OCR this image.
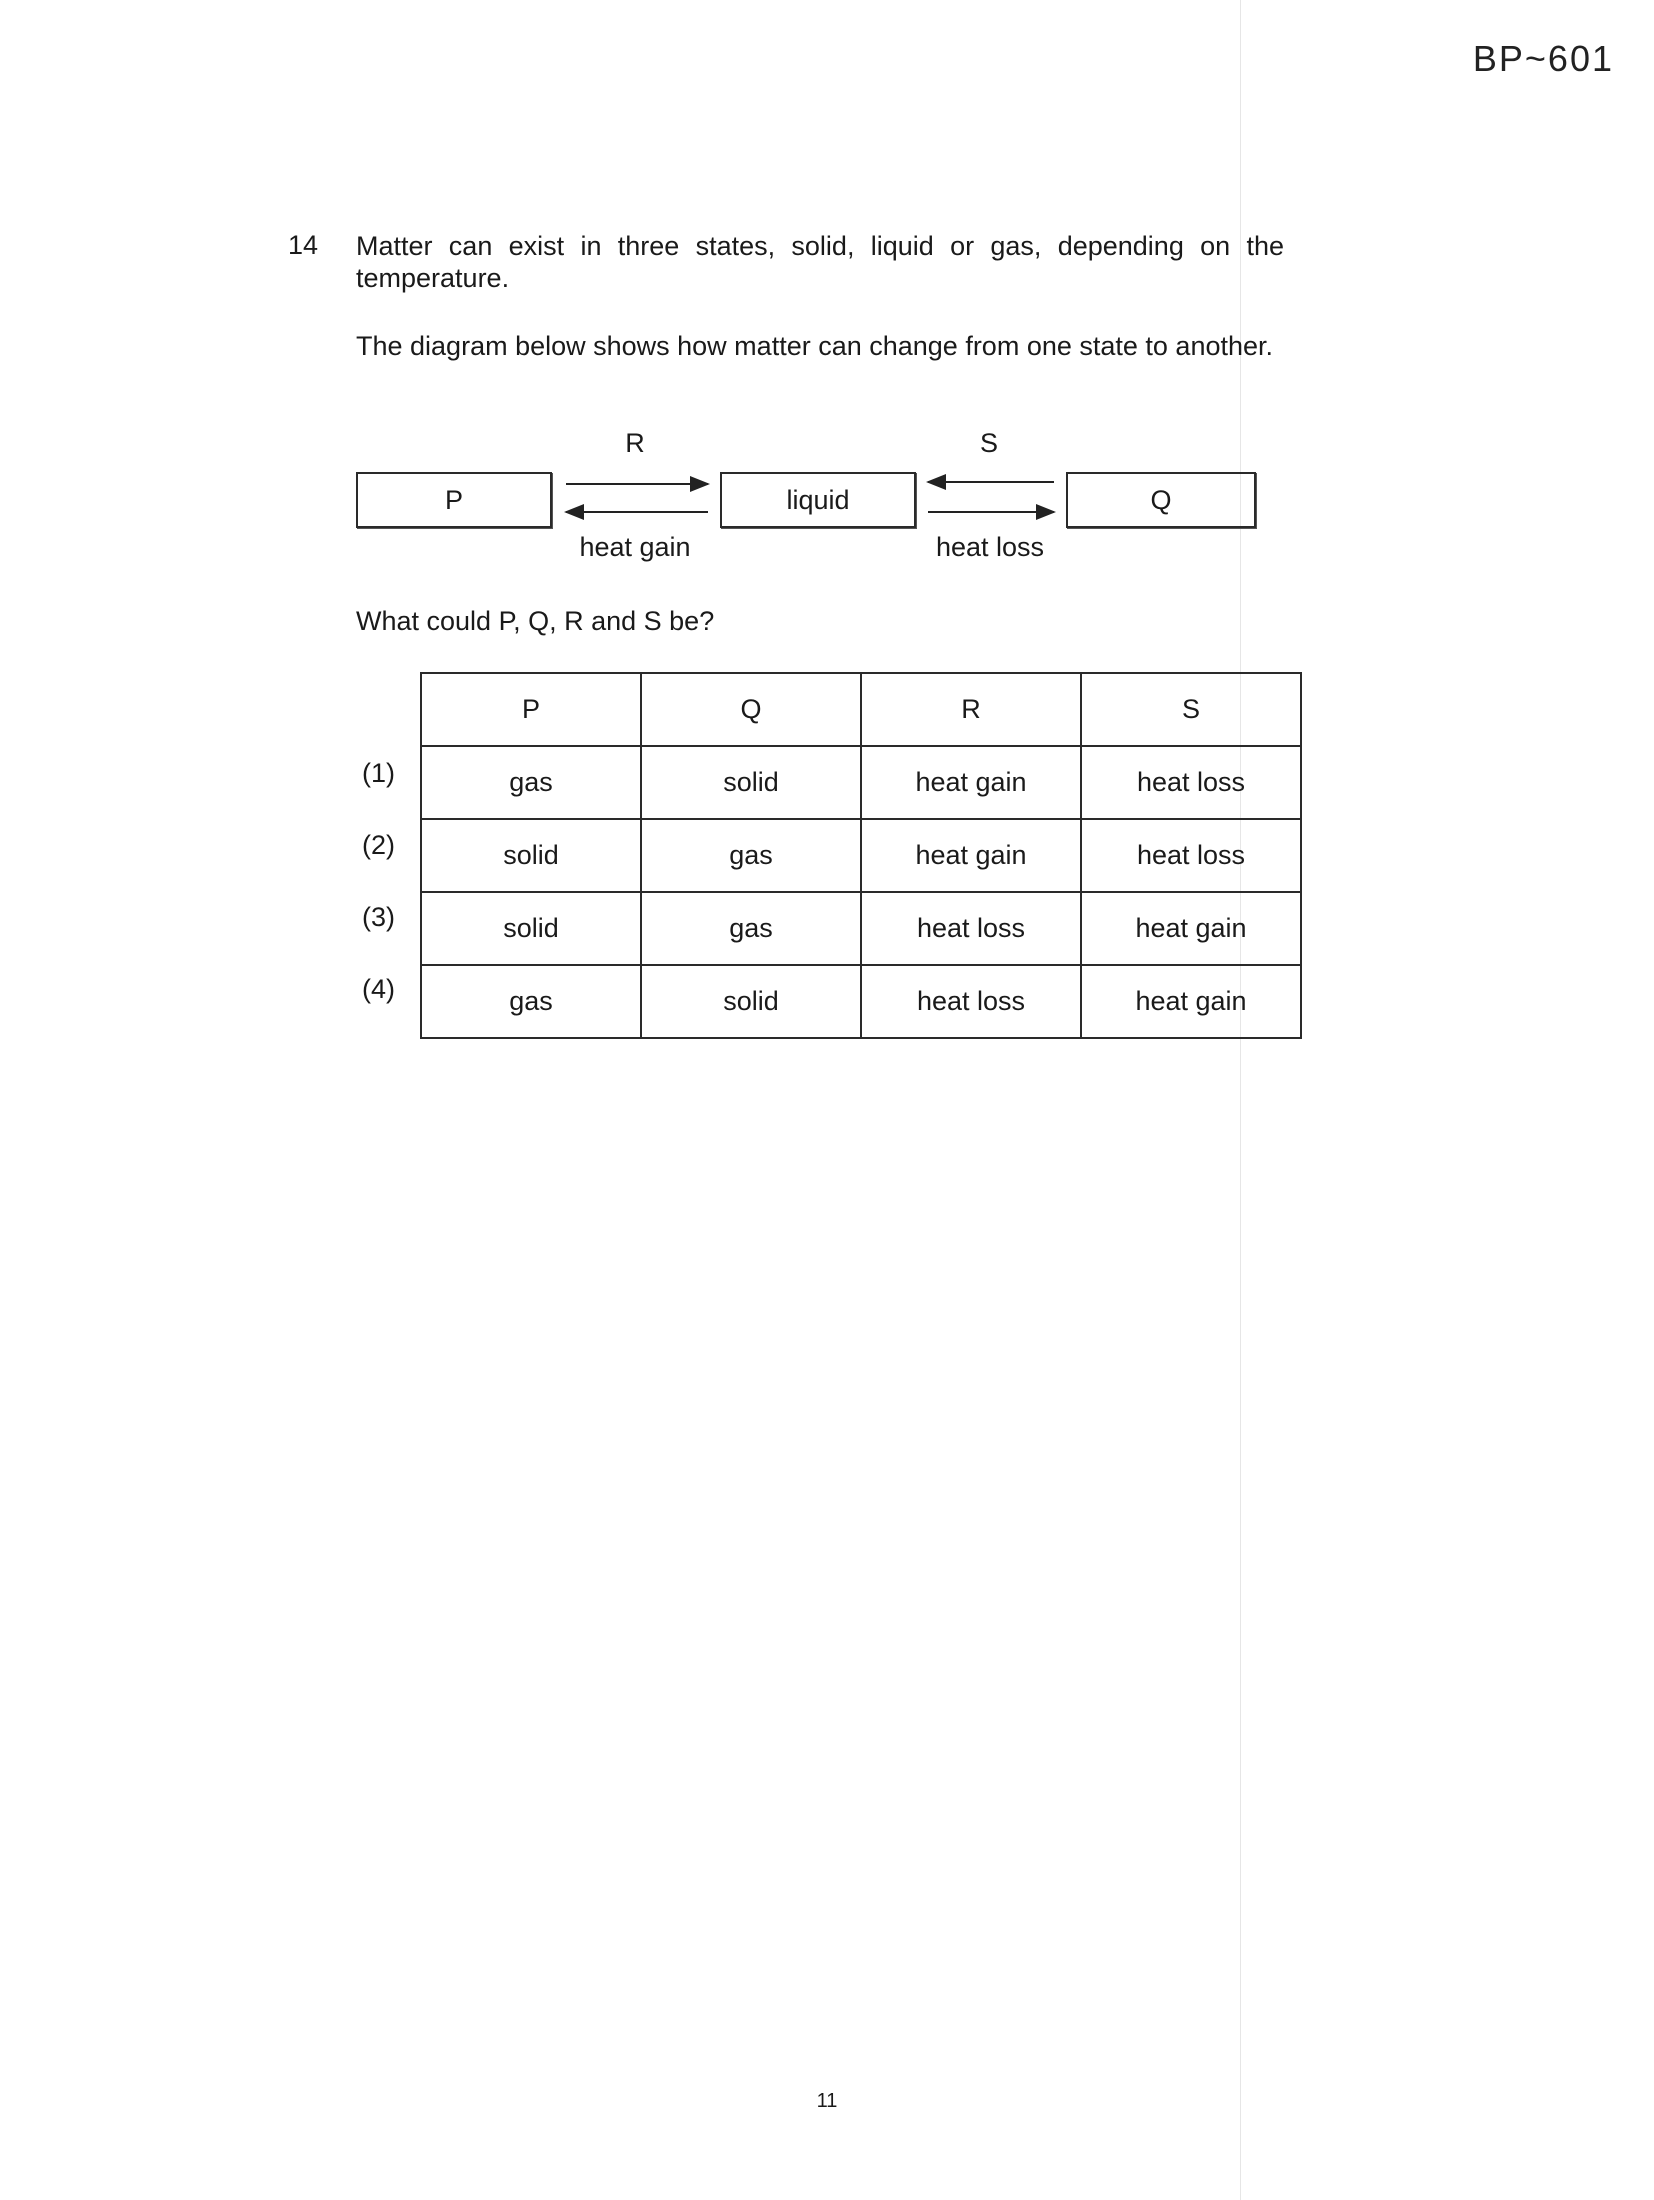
BP~601
14 Matter can exist in three states, solid, liquid or gas, depending on the temperature.
The diagram below shows how matter can change from one state to another.
P	liquid	Q
R	S
heat gain	heat loss
What could P, Q, R and S be?
(1)
(2)
(3)
(4)
P	Q	R	S
gas	solid	heat gain	heat loss
solid	gas	heat gain	heat loss
solid	gas	heat loss	heat gain
gas	solid	heat loss	heat gain
11
